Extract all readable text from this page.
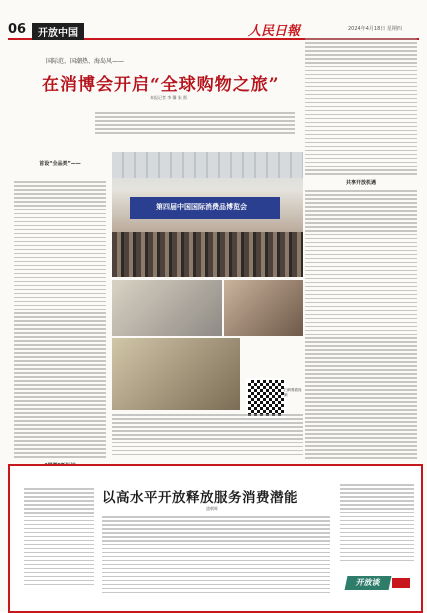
06	开放中国	人民日報	2024年4月18日 星期四
国际范、国潮热、海岛风——
在消博会开启“全球购物之旅”
本报记者 李 馨 朱 熙
首设“全品类”——
共享开放机遇
第四届中国国际消费品博览会
扫码观看视频
以高水平开放释放服务消费潜能
盛朝晖
开放谈
